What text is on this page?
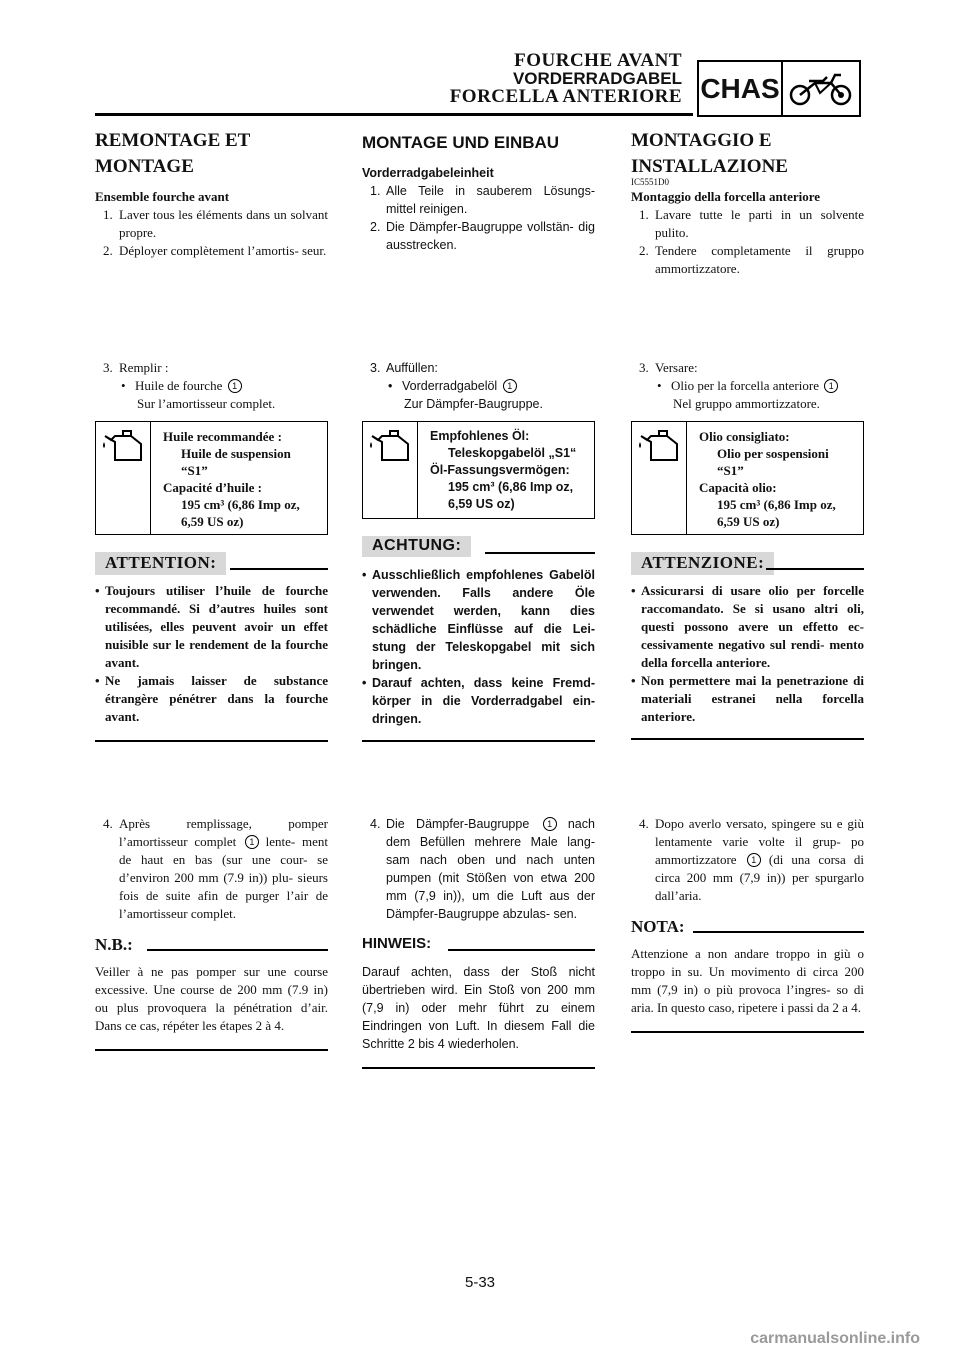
FOURCHE AVANT
VORDERRADGABEL
FORCELLA ANTERIORE CHAS
REMONTAGE ET
MONTAGE
Ensemble fourche avant
1. Laver tous les éléments dans un solvant propre.
2. Déployer complètement l’amortis- seur.
3. Remplir :
• Huile de fourche 1
Sur l’amortisseur complet.
Huile recommandée :
Huile de suspension
“S1”
Capacité d’huile :
195 cm³ (6,86 Imp oz,
6,59 US oz)
ATTENTION:
• Toujours utiliser l’huile de fourche recommandé. Si d’autres huiles sont utilisées, elles peuvent avoir un effet nuisible sur le rendement de la fourche avant.
• Ne jamais laisser de substance étrangère pénétrer dans la fourche avant.
4. Après remplissage, pomper l’amortisseur complet 1 lente- ment de haut en bas (sur une cour- se d’environ 200 mm (7.9 in)) plu- sieurs fois de suite afin de purger l’air de l’amortisseur complet.
N.B.:
Veiller à ne pas pomper sur une course excessive. Une course de 200 mm (7.9 in) ou plus provoquera la pénétration d’air. Dans ce cas, répéter les étapes 2 à 4.
MONTAGE UND EINBAU
Vorderradgabeleinheit
1. Alle Teile in sauberem Lösungs- mittel reinigen.
2. Die Dämpfer-Baugruppe vollstän- dig ausstrecken.
3. Auffüllen:
• Vorderradgabelöl 1
Zur Dämpfer-Baugruppe.
Empfohlenes Öl:
Teleskopgabelöl „S1“
Öl-Fassungsvermögen:
195 cm³ (6,86 Imp oz,
6,59 US oz)
ACHTUNG:
• Ausschließlich empfohlenes Gabelöl verwenden. Falls andere Öle verwendet werden, kann dies schädliche Einflüsse auf die Lei- stung der Teleskopgabel mit sich bringen.
• Darauf achten, dass keine Fremd- körper in die Vorderradgabel ein- dringen.
4. Die Dämpfer-Baugruppe 1 nach dem Befüllen mehrere Male lang- sam nach oben und nach unten pumpen (mit Stößen von etwa 200 mm (7,9 in)), um die Luft aus der Dämpfer-Baugruppe abzulas- sen.
HINWEIS:
Darauf achten, dass der Stoß nicht übertrieben wird. Ein Stoß von 200 mm (7,9 in) oder mehr führt zu einem Eindringen von Luft. In diesem Fall die Schritte 2 bis 4 wiederholen.
MONTAGGIO E
INSTALLAZIONE
IC5551D0
Montaggio della forcella anteriore
1. Lavare tutte le parti in un solvente pulito.
2. Tendere completamente il gruppo ammortizzatore.
3. Versare:
• Olio per la forcella anteriore 1
Nel gruppo ammortizzatore.
Olio consigliato:
Olio per sospensioni
“S1”
Capacità olio:
195 cm³ (6,86 Imp oz,
6,59 US oz)
ATTENZIONE:
• Assicurarsi di usare olio per forcelle raccomandato. Se si usano altri oli, questi possono avere un effetto ec- cessivamente negativo sul rendi- mento della forcella anteriore.
• Non permettere mai la penetrazione di materiali estranei nella forcella anteriore.
4. Dopo averlo versato, spingere su e giù lentamente varie volte il grup- po ammortizzatore 1 (di una corsa di circa 200 mm (7,9 in)) per spurgarlo dall’aria.
NOTA:
Attenzione a non andare troppo in giù o troppo in su. Un movimento di circa 200 mm (7,9 in) o più provoca l’ingres- so di aria. In questo caso, ripetere i passi da 2 a 4.
5-33
carmanualsonline.info
